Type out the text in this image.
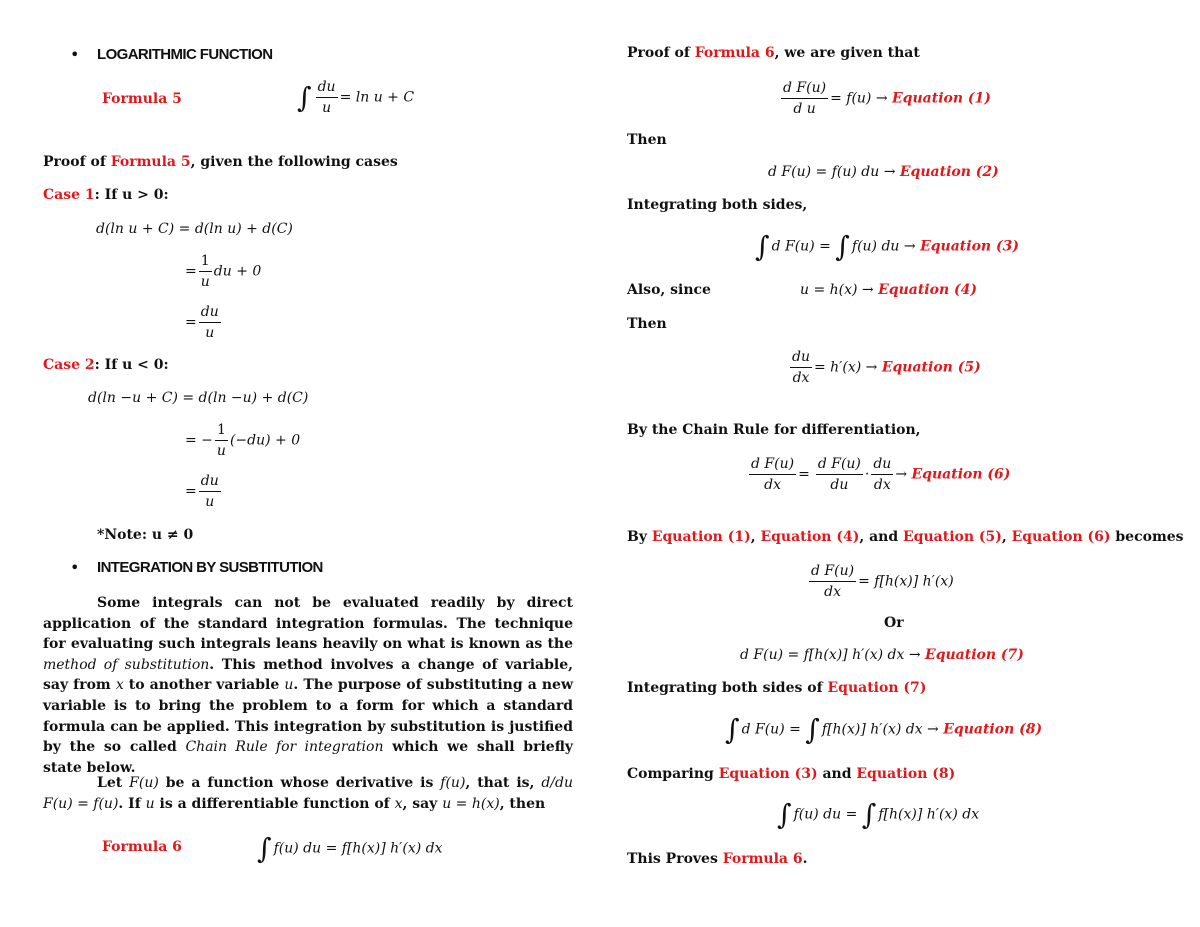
• LOGARITHMIC FUNCTION
Formula 5	∫ $\frac{du}{u} = \ln u + C$
Proof of Formula 5, given the following cases
Case 1: If u > 0:
d(ln u + C) = d(ln u) + d(C)
= $\frac{1}{u}$ du + 0
= $\frac{du}{u}$
Case 2: If u < 0:
d(ln −u + C) = d(ln −u) + d(C)
= − $\frac{1}{u} (-du) + 0$
= $\frac{du}{u}$
*Note: u ≠ 0
• INTEGRATION BY SUSBTITUTION
Some integrals can not be evaluated readily by direct application of the standard integration formulas. The technique for evaluating such integrals leans heavily on what is known as the method of substitution. This method involves a change of variable, say from x to another variable u. The purpose of substituting a new variable is to bring the problem to a form for which a standard formula can be applied. This integration by substitution is justified by the so called Chain Rule for integration which we shall briefly state below.
Let F(u) be a function whose derivative is f(u), that is, d/du F(u) = f(u). If u is a differentiable function of x, say u = h(x), then
Formula 6	∫ f(u) du = f[h(x)] h′(x) dx
Proof of Formula 6, we are given that
$\frac{\text{d F(u)}}{\text{d u}} = f(u)$ → Equation (1)
Then
d F(u) = f(u) du → Equation (2)
Integrating both sides,
∫ d F(u) = ∫ f(u) du → Equation (3)
Also, since	u = h(x) → Equation (4)
Then
$\frac{du}{dx} = h'(x)$ → Equation (5)
By the Chain Rule for differentiation,
$\frac{\text{d F(u)}}{dx} = \frac{\text{d F(u)}}{du} \cdot \frac{du}{dx}$ → Equation (6)
By Equation (1), Equation (4), and Equation (5), Equation (6) becomes
$\frac{\text{d F(u)}}{dx} = f[h(x)]$ h′(x)
Or
d F(u) = f[h(x)] h′(x) dx → Equation (7)
Integrating both sides of Equation (7)
∫ d F(u) = ∫ f[h(x)] h′(x) dx → Equation (8)
Comparing Equation (3) and Equation (8)
∫ f(u) du = ∫ f[h(x)] h′(x) dx
This Proves Formula 6.
